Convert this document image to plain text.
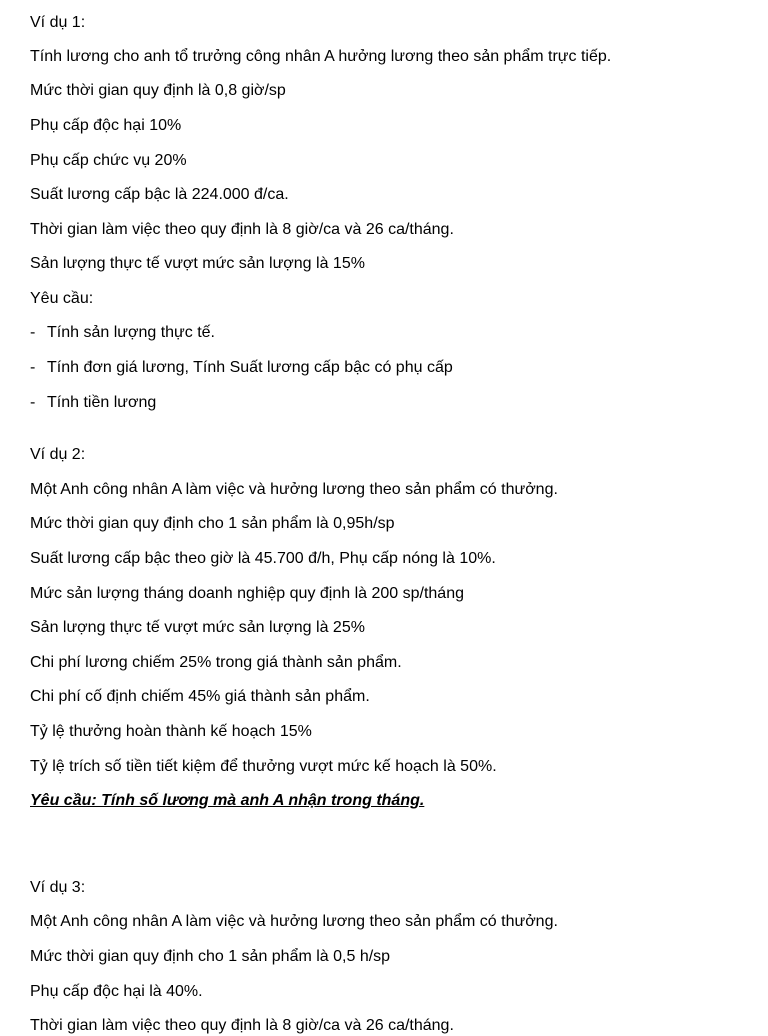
Ví dụ 1:
Tính lương cho anh tổ trưởng công nhân A hưởng lương theo sản phẩm trực tiếp.
Mức thời gian quy định là 0,8 giờ/sp
Phụ cấp độc hại 10%
Phụ cấp chức vụ 20%
Suất lương cấp bậc là 224.000 đ/ca.
Thời gian làm việc theo quy định là 8 giờ/ca và 26 ca/tháng.
Sản lượng thực tế vượt mức sản lượng là 15%
Yêu cầu:
- Tính sản lượng thực tế.
- Tính đơn giá lương, Tính Suất lương cấp bậc có phụ cấp
- Tính tiền lương
Ví dụ 2:
Một Anh công nhân A làm việc và hưởng lương theo sản phẩm có thưởng.
Mức thời gian quy định cho 1 sản phẩm là 0,95h/sp
Suất lương cấp bậc theo giờ là 45.700 đ/h, Phụ cấp nóng là 10%.
Mức sản lượng tháng doanh nghiệp quy định là 200 sp/tháng
Sản lượng thực tế vượt mức sản lượng là 25%
Chi phí lương chiếm 25% trong giá thành sản phẩm.
Chi phí cố định chiếm 45% giá thành sản phẩm.
Tỷ lệ thưởng hoàn thành kế hoạch 15%
Tỷ lệ trích số tiền tiết kiệm để thưởng vượt mức kế hoạch là 50%.
Yêu cầu: Tính số lương mà anh A nhận trong tháng.
Ví dụ 3:
Một Anh công nhân A làm việc và hưởng lương theo sản phẩm có thưởng.
Mức thời gian quy định cho 1 sản phẩm là 0,5 h/sp
Phụ cấp độc hại là 40%.
Thời gian làm việc theo quy định là 8 giờ/ca và 26 ca/tháng.
